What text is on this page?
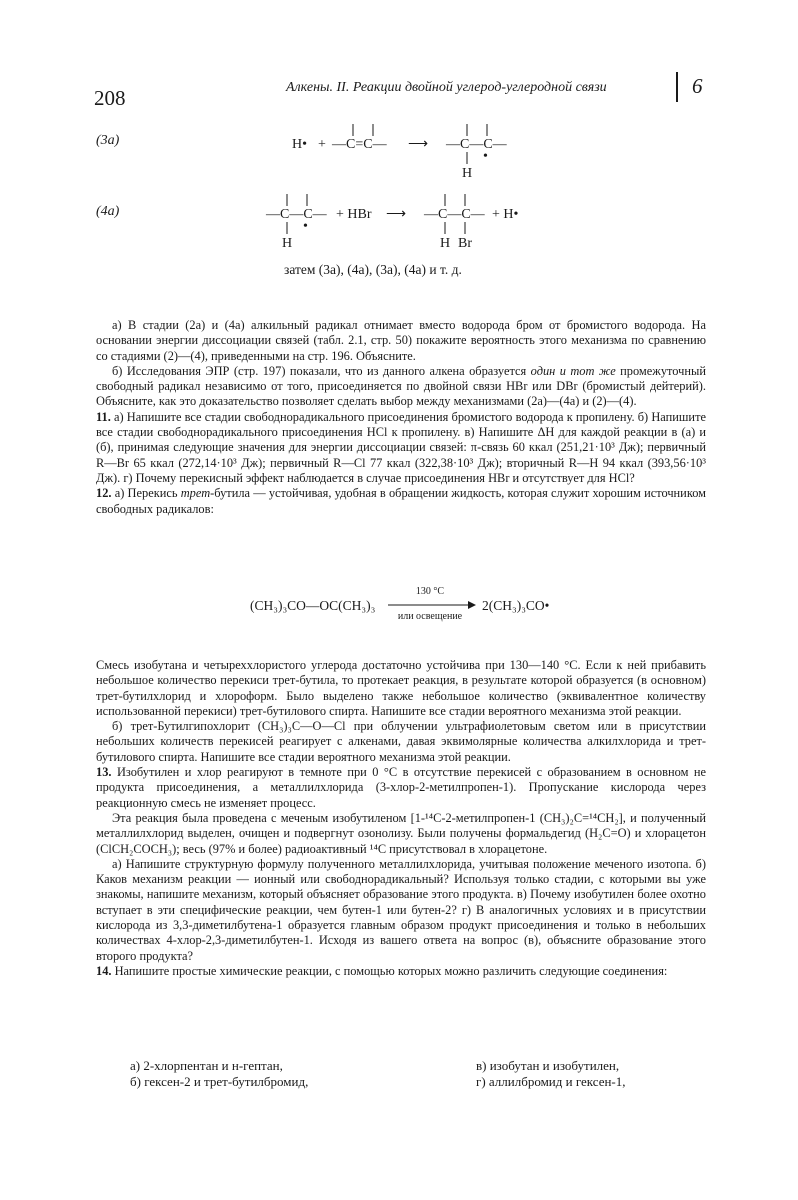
208	Алкены. II. Реакции двойной углерод-углеродной связи	6
(3а)	H• + —C=C— ⟶ —C—C—
H
•
(4а)	—C—C—
H
•
+ HBr ⟶ —C—C—
H Br
+ H•
затем (3а), (4а), (3а), (4а) и т. д.

а) В стадии (2а) и (4а) алкильный радикал отнимает вместо водорода бром от бромистого водорода. На основании энергии диссоциации связей (табл. 2.1, стр. 50) покажите вероятность этого механизма по сравнению со стадиями (2)—(4), приведенными на стр. 196. Объясните.

б) Исследования ЭПР (стр. 197) показали, что из данного алкена образуется один и тот же промежуточный свободный радикал независимо от того, присоединяется по двойной связи HBr или DBr (бромистый дейтерий). Объясните, как это доказательство позволяет сделать выбор между механизмами (2а)—(4а) и (2)—(4).

11. а) Напишите все стадии свободнорадикального присоединения бромистого водорода к пропилену. б) Напишите все стадии свободнорадикального присоединения HCl к пропилену. в) Напишите ΔH для каждой реакции в (а) и (б), принимая следующие значения для энергии диссоциации связей: π-связь 60 ккал (251,21·10³ Дж); первичный R—Br 65 ккал (272,14·10³ Дж); первичный R—Cl 77 ккал (322,38·10³ Дж); вторичный R—H 94 ккал (393,56·10³ Дж). г) Почему перекисный эффект наблюдается в случае присоединения HBr и отсутствует для HCl?

12. а) Перекись трет-бутила — устойчивая, удобная в обращении жидкость, которая служит хорошим источником свободных радикалов:

(CH₃)₃CO—OC(CH₃)₃
130 °C
или освещение
2(CH₃)₃CO•

Смесь изобутана и четыреххлористого углерода достаточно устойчива при 130—140 °C. Если к ней прибавить небольшое количество перекиси трет-бутила, то протекает реакция, в результате которой образуется (в основном) трет-бутилхлорид и хлороформ. Было выделено также небольшое количество (эквивалентное количеству использованной перекиси) трет-бутилового спирта. Напишите все стадии вероятного механизма этой реакции.

б) трет-Бутилгипохлорит (CH₃)₃C—O—Cl при облучении ультрафиолетовым светом или в присутствии небольших количеств перекисей реагирует с алкенами, давая эквимолярные количества алкилхлорида и трет-бутилового спирта. Напишите все стадии вероятного механизма этой реакции.

13. Изобутилен и хлор реагируют в темноте при 0 °C в отсутствие перекисей с образованием в основном не продукта присоединения, а металлилхлорида (3-хлор-2-метилпропен-1). Пропускание кислорода через реакционную смесь не изменяет процесс.

Эта реакция была проведена с меченым изобутиленом [1-¹⁴C-2-метилпропен-1 (CH₃)₂C=¹⁴CH₂], и полученный металлилхлорид выделен, очищен и подвергнут озонолизу. Были получены формальдегид (H₂C=O) и хлорацетон (ClCH₂COCH₃); весь (97% и более) радиоактивный ¹⁴C присутствовал в хлорацетоне.

а) Напишите структурную формулу полученного металлилхлорида, учитывая положение меченого изотопа. б) Каков механизм реакции — ионный или свободнорадикальный? Используя только стадии, с которыми вы уже знакомы, напишите механизм, который объясняет образование этого продукта. в) Почему изобутилен более охотно вступает в эти специфические реакции, чем бутен-1 или бутен-2? г) В аналогичных условиях и в присутствии кислорода из 3,3-диметилбутена-1 образуется главным образом продукт присоединения и только в небольших количествах 4-хлор-2,3-диметилбутен-1. Исходя из вашего ответа на вопрос (в), объясните образование этого второго продукта?

14. Напишите простые химические реакции, с помощью которых можно различить следующие соединения:

а) 2-хлорпентан и н-гептан,	в) изобутан и изобутилен,
б) гексен-2 и трет-бутилбромид,	г) аллилбромид и гексен-1,
